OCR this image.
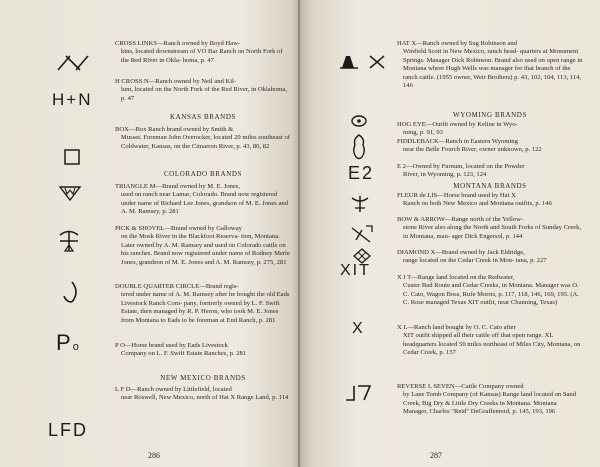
H+N
Po
LFD
CROSS LINKS—Ranch owned by Boyd Haw-
kins, located downstream of VO Bar Ranch on North Fork of the Red River in Okla- homa, p. 47
H CROSS N—Ranch owned by Neil and Kil-
lum, located on the North Fork of the Red River, in Oklahoma, p. 47
KANSAS BRANDS
BOX—Box Ranch brand owned by Smith &
Musset. Foreman John Overocker, located 20 miles southeast of Coldwater, Kansas, on the Cimarron River, p. 43, 80, 82
COLORADO BRANDS
TRIANGLE M—Brand owned by M. E. Jones,
used on ranch near Lamar, Colorado. Brand now registered under name of Richard Lee Jones, grandson of M. E. Jones and A. M. Ramsey, p. 281
PICK & SHOVEL—Brand owned by Galloway
on the Mosk River in the Blackfoot Reserva- tion, Montana. Later owned by A. M. Ramsey and used on Colorado cattle on his ranches. Brand now registered under name of Rodney Merle Jones, grandson of M. E. Jones and A. M. Ramsey, p. 275, 281
DOUBLE QUARTER CIRCLE—Brand regis-
tered under name of A. M. Ramsey after he bought the old Eads Livestock Ranch Com- pany, formerly owned by L. F. Swift Estate, then managed by R. P. Heron, who took M. E. Jones from Montana to Eads to be foreman at End Ranch, p. 281
P O—Horse brand used by Eads Livestock
Company on L. F. Swift Estate Ranches, p. 281
NEW MEXICO BRANDS
L F D—Ranch owned by Littlefield, located
near Roswell, New Mexico, north of Hat X Range Land, p. 114
286
E2
XIT
X
HAT X—Ranch owned by Sug Robinson and
Winfield Scott in New Mexico, ranch head- quarters at Monument Springs. Manager Dick Robinson. Brand also used on open range in Montana where Hugh Wells was manager for that branch of the ranch cattle. (1955 owner, Weir Brothers) p. 43, 102, 104, 113, 114, 146
WYOMING BRANDS
HOG EYE—Outfit owned by Keline in Wyo-
ming, p. 91, 93
FIDDLEBACK—Ranch in Eastern Wyoming
near the Belle Fourch River, owner unknown, p. 122
E 2—Owned by Furnum, located on the Powder
River, in Wyoming, p. 123, 124
MONTANA BRANDS
FLEUR de LIS—Horse brand used by Hat X
Ranch on both New Mexico and Montana outfits, p. 146
BOW & ARROW—Range north of the Yellow-
stone River also along the North and South Forks of Sunday Creek, in Montana, man- ager Dick Engersol, p. 144
DIAMOND X—Brand owned by Jack Eldridge,
range located on the Cedar Creek in Mon- tana, p. 227
X I T—Range land located on the Redwater,
Custer Bad Route and Cedar Creeks, in Montana. Manager was O. C. Cato, Wagon Boss, Rufe Morris, p. 117, 118, 146, 169, 195. (A. C. Rose managed Texas XIT outfit, near Channing, Texas)
X L—Ranch land bought by O. C. Cato after
XIT outfit shipped all their cattle off that open range. XL headquarters located 50 miles northeast of Miles City, Montana, on Cedar Creek, p. 157
REVERSE L SEVEN—Cattle Company owned
by Lane Tomb Company (of Kansas) Range land located on Sand Creek, Big Dry & Little Dry Creeks in Montana. Montana Manager, Charles "Reid" DeGraffenreid, p. 145, 193, 196
287
